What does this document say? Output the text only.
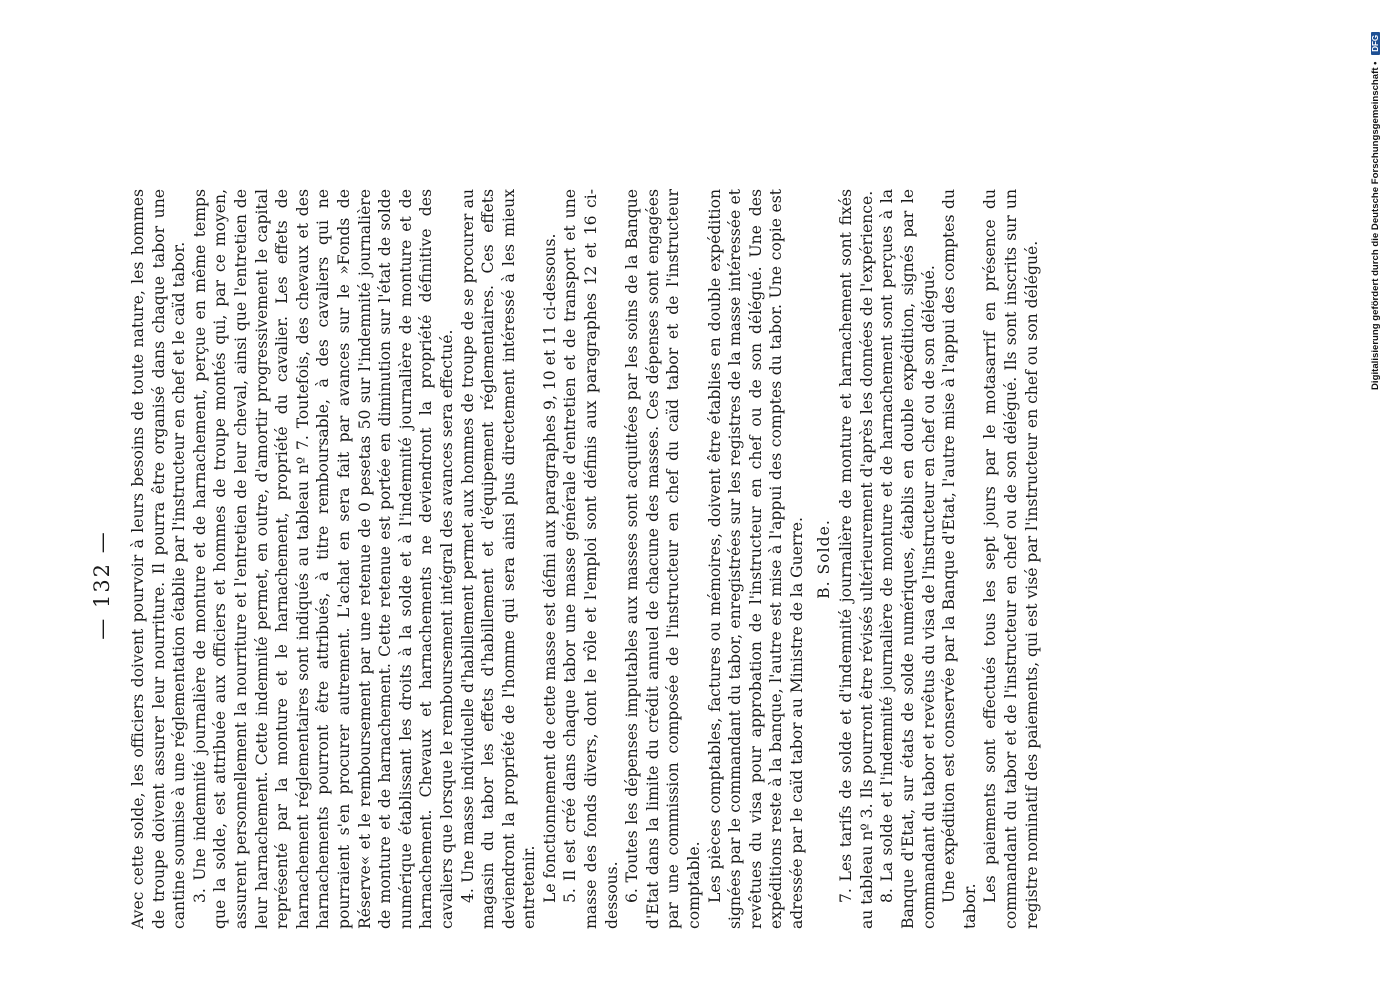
— 132 — Avec cette solde, les officiers doivent pourvoir à leurs besoins de toute nature, les hommes de troupe doivent assurer leur nourriture. Il pourra être organisé dans chaque tabor une cantine soumise à une réglementation établie par l'instructeur en chef et le caïd tabor. 3. Une indemnité journalière de monture et de harnachement, perçue en même temps que la solde, est attribuée aux officiers et hommes de troupe montés qui, par ce moyen, assurent personnellement la nourriture et l'entretien de leur cheval, ainsi que l'entretien de leur harnachement. Cette indemnité permet, en outre, d'amortir progressivement le capital représenté par la monture et le harnachement, propriété du cavalier. Les effets de harnachement réglementaires sont indiqués au tableau nº 7. Toutefois, des chevaux et des harnachements pourront être attribués, à titre remboursable, à des cavaliers qui ne pourraient s'en procurer autrement. L'achat en sera fait par avances sur le »Fonds de Réserve« et le remboursement par une retenue de 0 pesetas 50 sur l'indemnité journalière de monture et de harnachement. Cette retenue est portée en diminution sur l'état de solde numérique établissant les droits à la solde et à l'indemnité journalière de monture et de harnachement. Chevaux et harnachements ne deviendront la propriété définitive des cavaliers que lorsque le remboursement intégral des avances sera effectué. 4. Une masse individuelle d'habillement permet aux hommes de troupe de se procurer au magasin du tabor les effets d'habillement et d'équipement réglementaires. Ces effets deviendront la propriété de l'homme qui sera ainsi plus directement intéressé à les mieux entretenir. Le fonctionnement de cette masse est défini aux paragraphes 9, 10 et 11 ci-dessous. 5. Il est créé dans chaque tabor une masse générale d'entretien et de transport et une masse des fonds divers, dont le rôle et l'emploi sont définis aux paragraphes 12 et 16 ci-dessous. 6. Toutes les dépenses imputables aux masses sont acquittées par les soins de la Banque d'Etat dans la limite du crédit annuel de chacune des masses. Ces dépenses sont engagées par une commission composée de l'instructeur en chef du caïd tabor et de l'instructeur comptable. Les pièces comptables, factures ou mémoires, doivent être établies en double expédition signées par le commandant du tabor, enregistrées sur les registres de la masse intéressée et revêtues du visa pour approbation de l'instructeur en chef ou de son délégué. Une des expéditions reste à la banque, l'autre est mise à l'appui des comptes du tabor. Une copie est adressée par le caïd tabor au Ministre de la Guerre. B. Solde. 7. Les tarifs de solde et d'indemnité journalière de monture et harnachement sont fixés au tableau nº 3. Ils pourront être révisés ultérieurement d'après les données de l'expérience. 8. La solde et l'indemnité journalière de monture et de harnachement sont perçues à la Banque d'Etat, sur états de solde numériques, établis en double expédition, signés par le commandant du tabor et revêtus du visa de l'instructeur en chef ou de son délégué. Une expédition est conservée par la Banque d'Etat, l'autre mise à l'appui des comptes du tabor.

Les paiements sont effectués tous les sept jours par le motasarrif en présence du commandant du tabor et de l'instructeur en chef ou de son délégué. Ils sont inscrits sur un registre nominatif des paiements, qui est visé par l'instructeur en chef ou son délégué.

Digitalisierung gefördert durch die Deutsche Forschungsgemeinschaft • DFG
